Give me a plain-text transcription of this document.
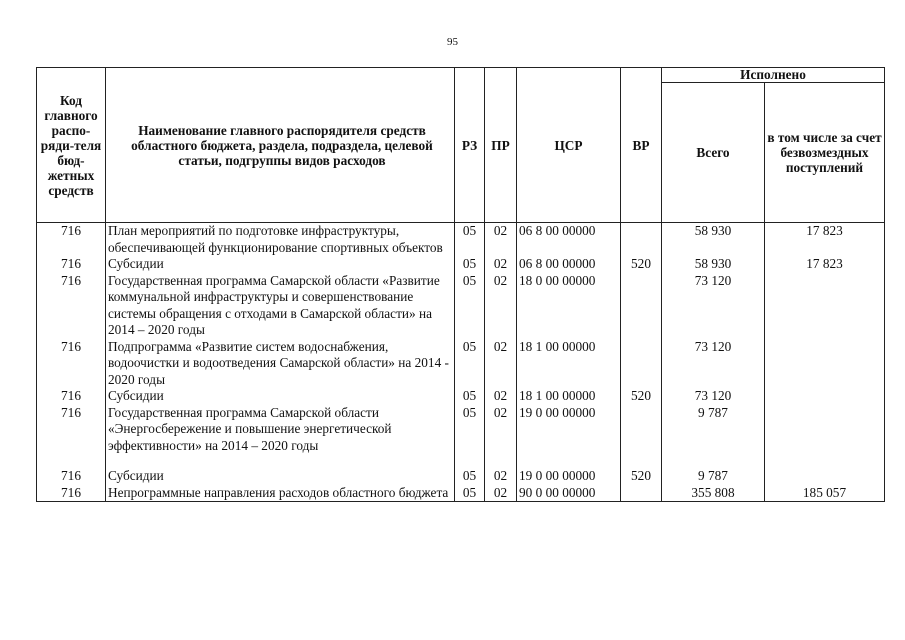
95
Код главного распо-ряди-теля бюд-жетных средств	Наименование главного распорядителя средств областного бюджета, раздела, подраздела, целевой статьи, подгруппы видов расходов	РЗ	ПР	ЦСР	ВР	Исполнено	
						Всего	в том числе за счет безвозмездных поступлений
716	План мероприятий по подготовке инфраструктуры, обеспечивающей функционирование спортивных объектов	05	02	06 8 00 00000		58 930	17 823
716	Субсидии	05	02	06 8 00 00000	520	58 930	17 823
716	Государственная программа Самарской области «Развитие коммунальной инфраструктуры и совершенствование системы обращения с отходами в Самарской области» на 2014 – 2020 годы	05	02	18 0 00 00000		73 120	
716	Подпрограмма «Развитие систем водоснабжения, водоочистки и водоотведения Самарской области» на 2014 - 2020 годы	05	02	18 1 00 00000		73 120	
716	Субсидии	05	02	18 1 00 00000	520	73 120	
716	Государственная программа Самарской области «Энергосбережение и повышение энергетической эффективности» на 2014 – 2020 годы	05	02	19 0 00 00000		9 787	

716	Субсидии	05	02	19 0 00 00000	520	9 787	
716	Непрограммные направления расходов областного бюджета	05	02	90 0 00 00000		355 808	185 057
